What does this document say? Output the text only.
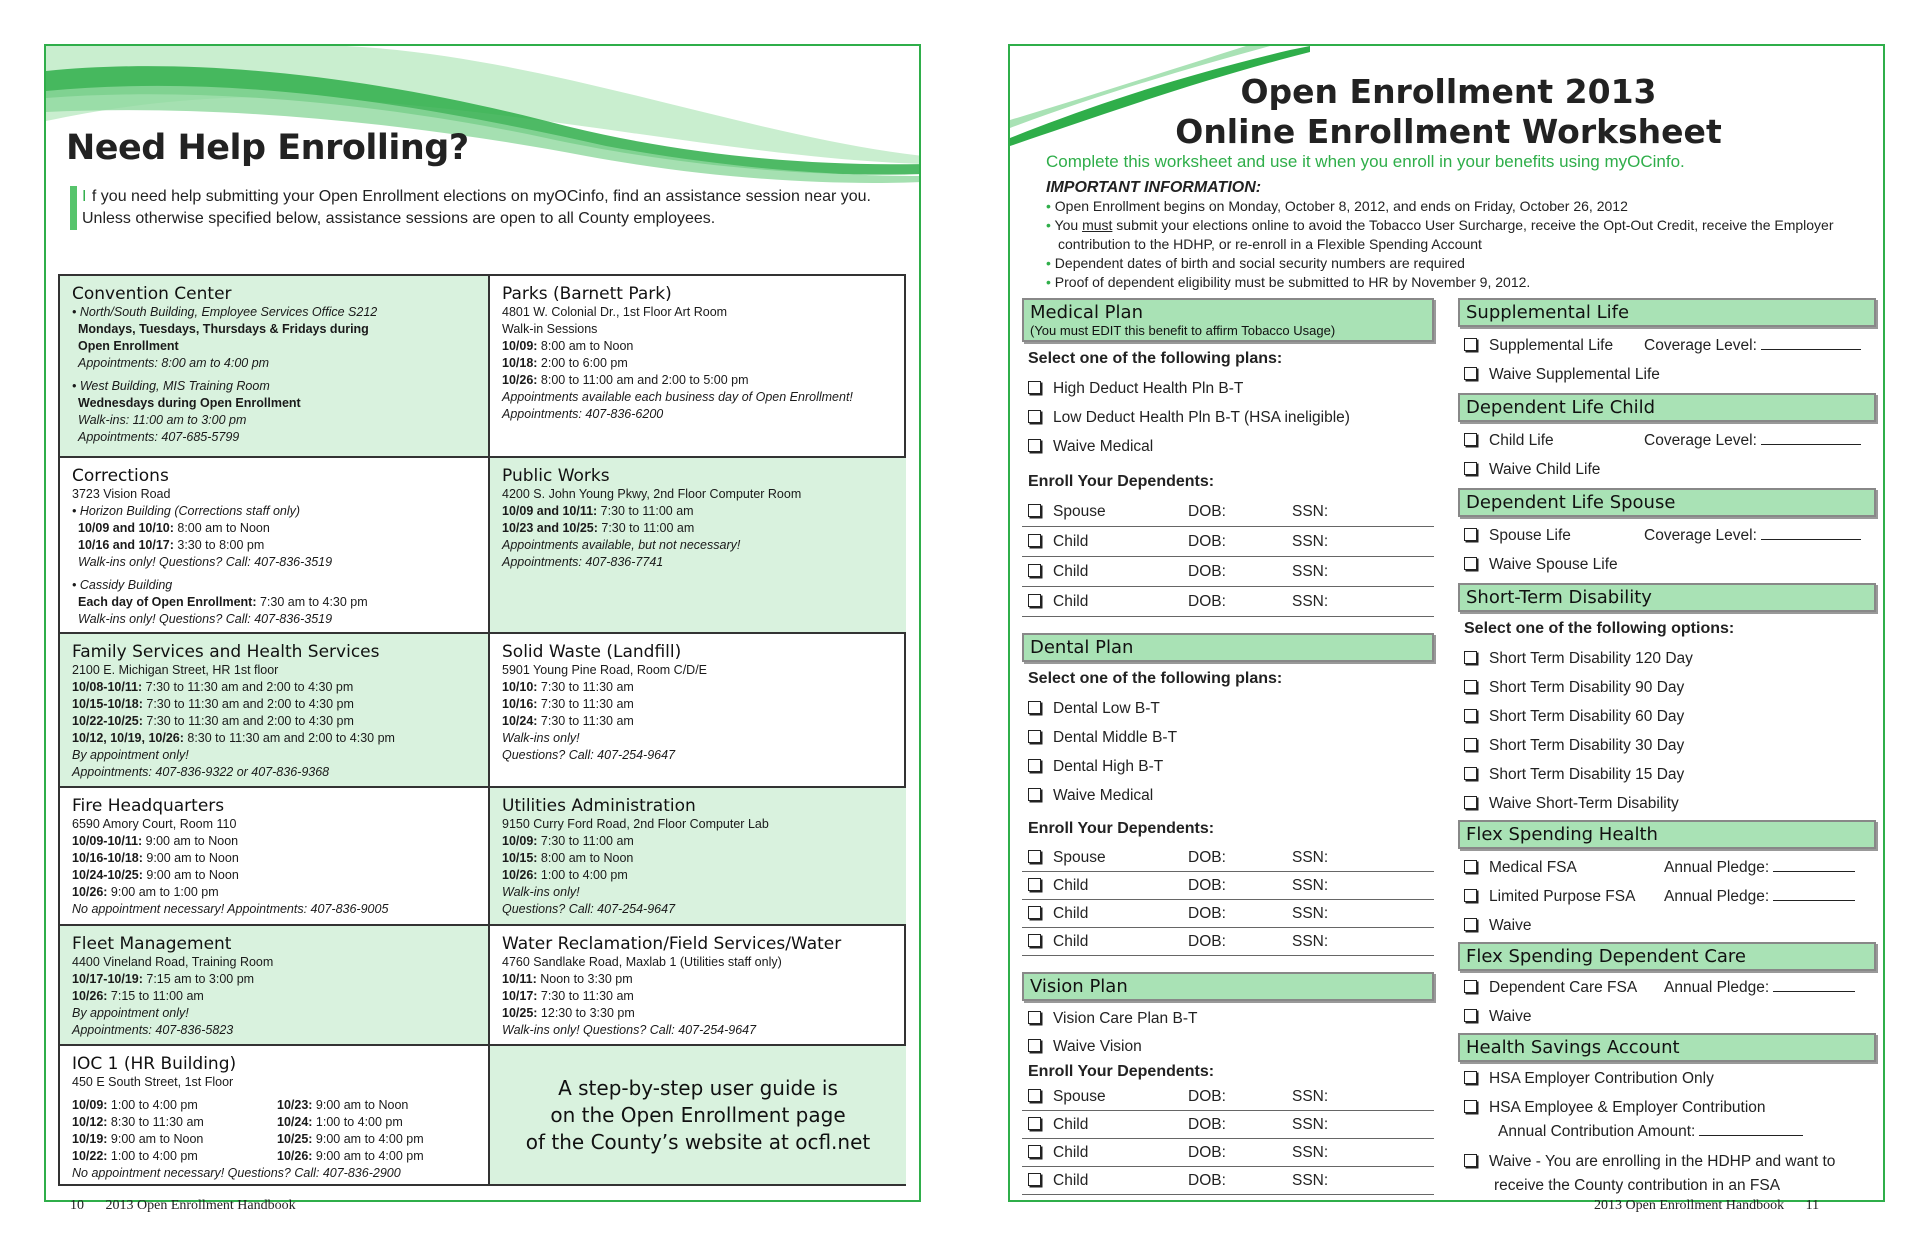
Need Help Enrolling?
I f you need help submitting your Open Enrollment elections on myOCinfo, find an assistance session near you. Unless otherwise specified below, assistance sessions are open to all County employees.
Convention Center
• North/South Building, Employee Services Office S212
Mondays, Tuesdays, Thursdays & Fridays during
Open Enrollment
Appointments: 8:00 am to 4:00 pm
• West Building, MIS Training Room
Wednesdays during Open Enrollment
Walk-ins: 11:00 am to 3:00 pm
Appointments: 407-685-5799
Parks (Barnett Park)
4801 W. Colonial Dr., 1st Floor Art Room
Walk-in Sessions
10/09: 8:00 am to Noon
10/18: 2:00 to 6:00 pm
10/26: 8:00 to 11:00 am and 2:00 to 5:00 pm
Appointments available each business day of Open Enrollment!
Appointments: 407-836-6200
Corrections
3723 Vision Road
• Horizon Building (Corrections staff only)
10/09 and 10/10: 8:00 am to Noon
10/16 and 10/17: 3:30 to 8:00 pm
Walk-ins only! Questions? Call: 407-836-3519
• Cassidy Building
Each day of Open Enrollment: 7:30 am to 4:30 pm
Walk-ins only! Questions? Call: 407-836-3519
Public Works
4200 S. John Young Pkwy, 2nd Floor Computer Room
10/09 and 10/11: 7:30 to 11:00 am
10/23 and 10/25: 7:30 to 11:00 am
Appointments available, but not necessary!
Appointments: 407-836-7741
Family Services and Health Services
2100 E. Michigan Street, HR 1st floor
10/08-10/11: 7:30 to 11:30 am and 2:00 to 4:30 pm
10/15-10/18: 7:30 to 11:30 am and 2:00 to 4:30 pm
10/22-10/25: 7:30 to 11:30 am and 2:00 to 4:30 pm
10/12, 10/19, 10/26: 8:30 to 11:30 am and 2:00 to 4:30 pm
By appointment only!
Appointments: 407-836-9322 or 407-836-9368
Solid Waste (Landfill)
5901 Young Pine Road, Room C/D/E
10/10: 7:30 to 11:30 am
10/16: 7:30 to 11:30 am
10/24: 7:30 to 11:30 am
Walk-ins only!
Questions? Call: 407-254-9647
Fire Headquarters
6590 Amory Court, Room 110
10/09-10/11: 9:00 am to Noon
10/16-10/18: 9:00 am to Noon
10/24-10/25: 9:00 am to Noon
10/26: 9:00 am to 1:00 pm
No appointment necessary! Appointments: 407-836-9005
Utilities Administration
9150 Curry Ford Road, 2nd Floor Computer Lab
10/09: 7:30 to 11:00 am
10/15: 8:00 am to Noon
10/26: 1:00 to 4:00 pm
Walk-ins only!
Questions? Call: 407-254-9647
Fleet Management
4400 Vineland Road, Training Room
10/17-10/19: 7:15 am to 3:00 pm
10/26: 7:15 to 11:00 am
By appointment only!
Appointments: 407-836-5823
Water Reclamation/Field Services/Water
4760 Sandlake Road, Maxlab 1 (Utilities staff only)
10/11: Noon to 3:30 pm
10/17: 7:30 to 11:30 am
10/25: 12:30 to 3:30 pm
Walk-ins only! Questions? Call: 407-254-9647
IOC 1 (HR Building)
450 E South Street, 1st Floor
10/09: 1:00 to 4:00 pm
10/12: 8:30 to 11:30 am
10/19: 9:00 am to Noon
10/22: 1:00 to 4:00 pm
10/23: 9:00 am to Noon
10/24: 1:00 to 4:00 pm
10/25: 9:00 am to 4:00 pm
10/26: 9:00 am to 4:00 pm
No appointment necessary! Questions? Call: 407-836-2900
A step-by-step user guide is
on the Open Enrollment page
of the County’s website at ocfl.net
10 2013 Open Enrollment Handbook
Open Enrollment 2013
Online Enrollment Worksheet
Complete this worksheet and use it when you enroll in your benefits using myOCinfo.
IMPORTANT INFORMATION:
• Open Enrollment begins on Monday, October 8, 2012, and ends on Friday, October 26, 2012
• You must submit your elections online to avoid the Tobacco User Surcharge, receive the Opt-Out Credit, receive the Employer contribution to the HDHP, or re-enroll in a Flexible Spending Account
• Dependent dates of birth and social security numbers are required
• Proof of dependent eligibility must be submitted to HR by November 9, 2012.
Medical Plan
(You must EDIT this benefit to affirm Tobacco Usage)
Select one of the following plans:
High Deduct Health Pln B-T
Low Deduct Health Pln B-T (HSA ineligible)
Waive Medical
Enroll Your Dependents:
Spouse	DOB:	SSN:
Child	DOB:	SSN:
Child	DOB:	SSN:
Child	DOB:	SSN:
Dental Plan
Select one of the following plans:
Dental Low B-T
Dental Middle B-T
Dental High B-T
Waive Medical
Enroll Your Dependents:
Spouse	DOB:	SSN:
Child	DOB:	SSN:
Child	DOB:	SSN:
Child	DOB:	SSN:
Vision Plan
Vision Care Plan B-T
Waive Vision
Enroll Your Dependents:
Spouse	DOB:	SSN:
Child	DOB:	SSN:
Child	DOB:	SSN:
Child	DOB:	SSN:
Supplemental Life
Supplemental Life Coverage Level:
Waive Supplemental Life
Dependent Life Child
Child Life	Coverage Level:
Waive Child Life
Dependent Life Spouse
Spouse Life	Coverage Level:
Waive Spouse Life
Short-Term Disability
Select one of the following options:
Short Term Disability 120 Day
Short Term Disability 90 Day
Short Term Disability 60 Day
Short Term Disability 30 Day
Short Term Disability 15 Day
Waive Short-Term Disability
Flex Spending Health
Medical FSA	Annual Pledge:
Limited Purpose FSA Annual Pledge:
Waive
Flex Spending Dependent Care
Dependent Care FSA Annual Pledge:
Waive
Health Savings Account
HSA Employer Contribution Only
HSA Employee & Employer Contribution
Annual Contribution Amount:
Waive - You are enrolling in the HDHP and want to
receive the County contribution in an FSA
2013 Open Enrollment Handbook 11
